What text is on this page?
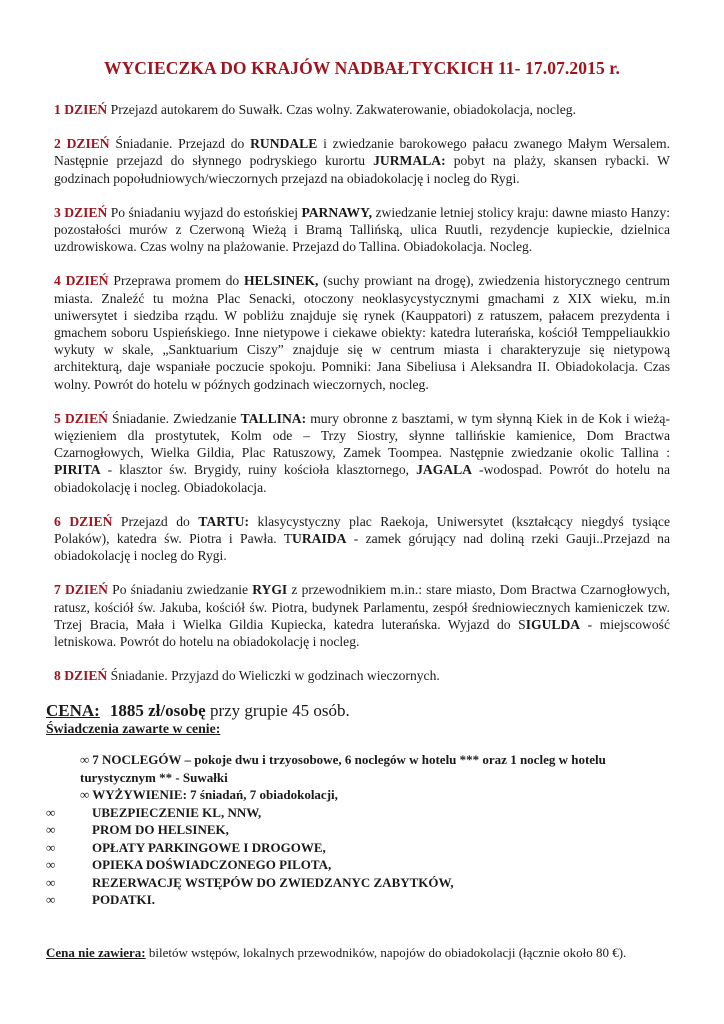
WYCIECZKA DO KRAJÓW NADBAŁTYCKICH 11- 17.07.2015 r.

1 DZIEŃ Przejazd autokarem do Suwałk. Czas wolny. Zakwaterowanie, obiadokolacja, nocleg.

2 DZIEŃ Śniadanie. Przejazd do RUNDALE i zwiedzanie barokowego pałacu zwanego Małym Wersalem. Następnie przejazd do słynnego podryskiego kurortu JURMALA: pobyt na plaży, skansen rybacki. W godzinach popołudniowych/wieczornych przejazd na obiadokolację i nocleg do Rygi.

3 DZIEŃ Po śniadaniu wyjazd do estońskiej PARNAWY, zwiedzanie letniej stolicy kraju: dawne miasto Hanzy: pozostałości murów z Czerwoną Wieżą i Bramą Tallińską, ulica Ruutli, rezydencje kupieckie, dzielnica uzdrowiskowa. Czas wolny na plażowanie. Przejazd do Tallina. Obiadokolacja. Nocleg.

4 DZIEŃ Przeprawa promem do HELSINEK, (suchy prowiant na drogę), zwiedzenia historycznego centrum miasta. Znaleźć tu można Plac Senacki, otoczony neoklasycystycznymi gmachami z XIX wieku, m.in uniwersytet i siedziba rządu. W pobliżu znajduje się rynek (Kauppatori) z ratuszem, pałacem prezydenta i gmachem soboru Uspieńskiego. Inne nietypowe i ciekawe obiekty: katedra luterańska, kościół Temppeliaukkio wykuty w skale, „Sanktuarium Ciszy” znajduje się w centrum miasta i charakteryzuje się nietypową architekturą, daje wspaniałe poczucie spokoju. Pomniki: Jana Sibeliusa i Aleksandra II. Obiadokolacja. Czas wolny. Powrót do hotelu w późnych godzinach wieczornych, nocleg.

5 DZIEŃ Śniadanie. Zwiedzanie TALLINA: mury obronne z basztami, w tym słynną Kiek in de Kok i wieżą-więzieniem dla prostytutek, Kolm ode – Trzy Siostry, słynne tallińskie kamienice, Dom Bractwa Czarnogłowych, Wielka Gildia, Plac Ratuszowy, Zamek Toompea. Następnie zwiedzanie okolic Tallina : PIRITA - klasztor św. Brygidy, ruiny kościoła klasztornego, JAGALA -wodospad. Powrót do hotelu na obiadokolację i nocleg. Obiadokolacja.

6 DZIEŃ Przejazd do TARTU: klasycystyczny plac Raekoja, Uniwersytet (kształcący niegdyś tysiące Polaków), katedra św. Piotra i Pawła. TURAIDA - zamek górujący nad doliną rzeki Gauji..Przejazd na obiadokolację i nocleg do Rygi.

7 DZIEŃ Po śniadaniu zwiedzanie RYGI z przewodnikiem m.in.: stare miasto, Dom Bractwa Czarnogłowych, ratusz, kościół św. Jakuba, kościół św. Piotra, budynek Parlamentu, zespół średniowiecznych kamieniczek tzw. Trzej Bracia, Mała i Wielka Gildia Kupiecka, katedra luterańska. Wyjazd do SIGULDA - miejscowość letniskowa. Powrót do hotelu na obiadokolację i nocleg.

8 DZIEŃ Śniadanie. Przyjazd do Wieliczki w godzinach wieczornych.

CENA: 1885 zł/osobę przy grupie 45 osób.
Świadczenia zawarte w cenie:
∞ 7 NOCLEGÓW – pokoje dwu i trzyosobowe, 6 noclegów w hotelu *** oraz 1 nocleg w hotelu turystycznym ** - Suwałki
∞ WYŻYWIENIE: 7 śniadań, 7 obiadokolacji,
∞	UBEZPIECZENIE KL, NNW,
∞	PROM DO HELSINEK,
∞	OPŁATY PARKINGOWE I DROGOWE,
∞	OPIEKA DOŚWIADCZONEGO PILOTA,
∞	REZERWACJĘ WSTĘPÓW DO ZWIEDZANYC ZABYTKÓW,
∞	PODATKI.
Cena nie zawiera: biletów wstępów, lokalnych przewodników, napojów do obiadokolacji (łącznie około 80 €).
